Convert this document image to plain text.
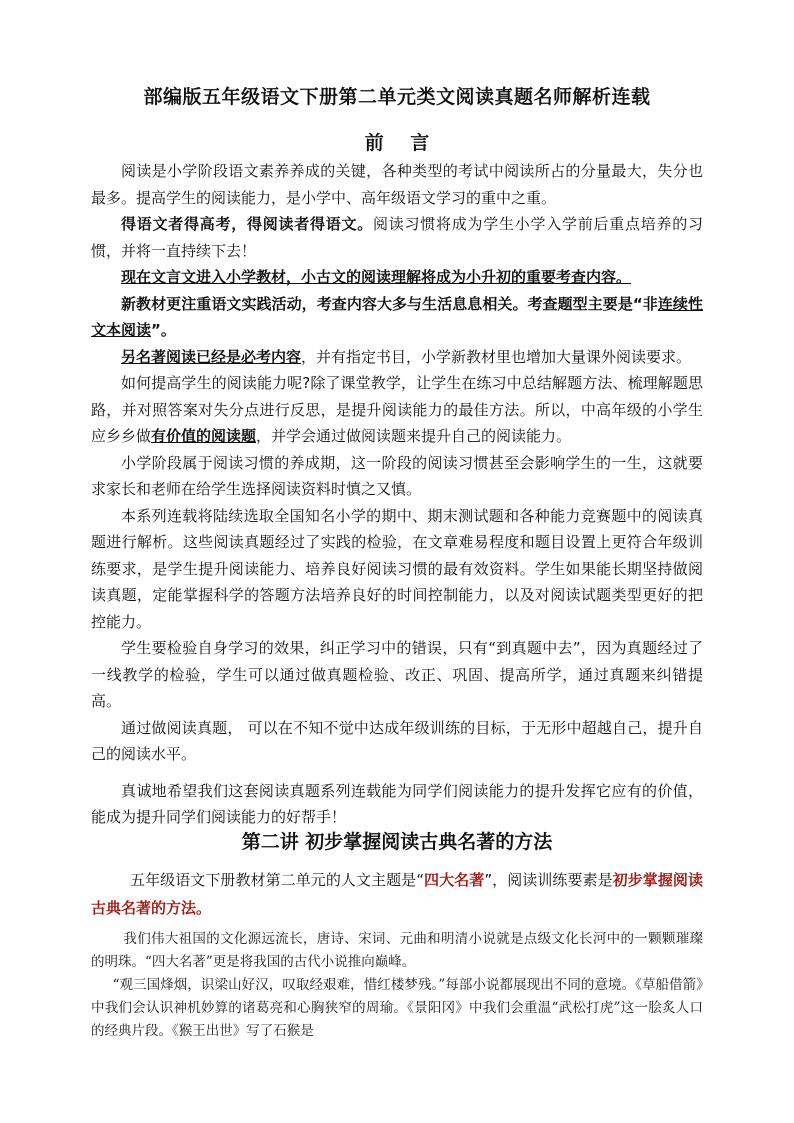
部编版五年级语文下册第二单元类文阅读真题名师解析连载
前 言

阅读是小学阶段语文素养养成的关键，各种类型的考试中阅读所占的分量最大，失分也最多。提高学生的阅读能力，是小学中、高年级语文学习的重中之重。

得语文者得高考，得阅读者得语文。阅读习惯将成为学生小学入学前后重点培养的习惯，并将一直持续下去！

现在文言文进入小学教材，小古文的阅读理解将成为小升初的重要考查内容。

新教材更注重语文实践活动，考查内容大多与生活息息相关。考查题型主要是“非连续性文本阅读”。

另名著阅读已经是必考内容，并有指定书目，小学新教材里也增加大量课外阅读要求。

如何提高学生的阅读能力呢?除了课堂教学，让学生在练习中总结解题方法、梳理解题思路，并对照答案对失分点进行反思，是提升阅读能力的最佳方法。所以，中高年级的小学生应乡乡做有价值的阅读题，并学会通过做阅读题来提升自己的阅读能力。

小学阶段属于阅读习惯的养成期，这一阶段的阅读习惯甚至会影响学生的一生，这就要求家长和老师在给学生选择阅读资料时慎之又慎。

本系列连载将陆续选取全国知名小学的期中、期末测试题和各种能力竞赛题中的阅读真题进行解析。这些阅读真题经过了实践的检验，在文章难易程度和题目设置上更符合年级训练要求，是学生提升阅读能力、培养良好阅读习惯的最有效资料。学生如果能长期坚持做阅读真题，定能掌握科学的答题方法培养良好的时间控制能力，以及对阅读试题类型更好的把控能力。

学生要检验自身学习的效果，纠正学习中的错误，只有“到真题中去”，因为真题经过了一线教学的检验，学生可以通过做真题检验、改正、巩固、提高所学，通过真题来纠错提高。

通过做阅读真题， 可以在不知不觉中达成年级训练的目标，于无形中超越自己，提升自己的阅读水平。

真诚地希望我们这套阅读真题系列连载能为同学们阅读能力的提升发挥它应有的价值，能成为提升同学们阅读能力的好帮手！

第二讲 初步掌握阅读古典名著的方法

五年级语文下册教材第二单元的人文主题是“四大名著”，阅读训练要素是初步掌握阅读古典名著的方法。

我们伟大祖国的文化源远流长，唐诗、宋词、元曲和明清小说就是点级文化长河中的一颗颗璀璨的明珠。“四大名著”更是将我国的古代小说推向巅峰。

“观三国烽烟，识梁山好汉，叹取经艰难，惜红楼梦残。”每部小说都展现出不同的意境。《草船借箭》中我们会认识神机妙算的诸葛亮和心胸狭窄的周瑜。《景阳冈》中我们会重温“武松打虎”这一脍炙人口的经典片段。《猴王出世》写了石猴是
